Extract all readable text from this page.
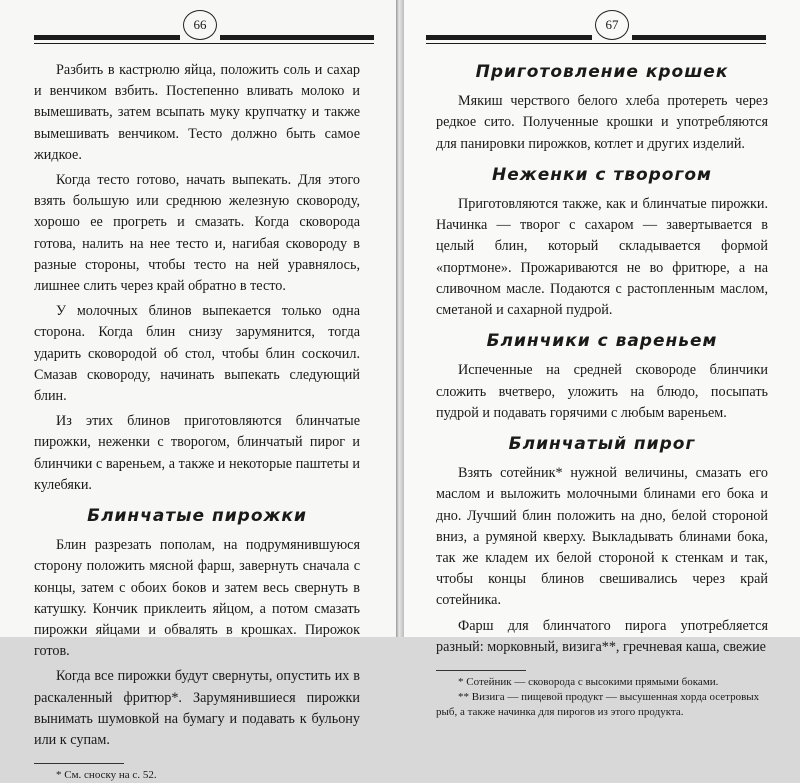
66

Разбить в кастрюлю яйца, положить соль и сахар и венчиком взбить. Постепенно вливать молоко и вымешивать, затем всыпать муку крупчатку и также вымешивать венчиком. Тесто должно быть самое жидкое.

Когда тесто готово, начать выпекать. Для этого взять большую или среднюю железную сковороду, хорошо ее прогреть и смазать. Когда сковорода готова, налить на нее тесто и, нагибая сковороду в разные стороны, чтобы тесто на ней уравнялось, лишнее слить через край обратно в тесто.

У молочных блинов выпекается только одна сторона. Когда блин снизу зарумянится, тогда ударить сковородой об стол, чтобы блин соскочил. Смазав сковороду, начинать выпекать следующий блин.

Из этих блинов приготовляются блинчатые пирожки, неженки с творогом, блинчатый пирог и блинчики с вареньем, а также и некоторые паштеты и кулебяки.

Блинчатые пирожки

Блин разрезать пополам, на подрумянившуюся сторону положить мясной фарш, завернуть сначала с концы, затем с обоих боков и затем весь свернуть в катушку. Кончик приклеить яйцом, а потом смазать пирожки яйцами и обвалять в крошках. Пирожок готов.

Когда все пирожки будут свернуты, опустить их в раскаленный фритюр*. Зарумянившиеся пирожки вынимать шумовкой на бумагу и подавать к бульону или к супам.

* См. сноску на с. 52.

67
Приготовление крошек

Мякиш черствого белого хлеба протереть через редкое сито. Полученные крошки и употребляются для панировки пирожков, котлет и других изделий.

Неженки с творогом

Приготовляются также, как и блинчатые пирожки. Начинка — творог с сахаром — завертывается в целый блин, который складывается формой «портмоне». Прожариваются не во фритюре, а на сливочном масле. Подаются с растопленным маслом, сметаной и сахарной пудрой.

Блинчики с вареньем

Испеченные на средней сковороде блинчики сложить вчетверо, уложить на блюдо, посыпать пудрой и подавать горячими с любым вареньем.

Блинчатый пирог

Взять сотейник* нужной величины, смазать его маслом и выложить молочными блинами его бока и дно. Лучший блин положить на дно, белой стороной вниз, а румяной кверху. Выкладывать блинами бока, так же кладем их белой стороной к стенкам и так, чтобы концы блинов свешивались через край сотейника.

Фарш для блинчатого пирога употребляется разный: морковный, визига**, гречневая каша, свежие

* Сотейник — сковорода с высокими прямыми боками.

** Визига — пищевой продукт — высушенная хорда осетровых рыб, а также начинка для пирогов из этого продукта.
